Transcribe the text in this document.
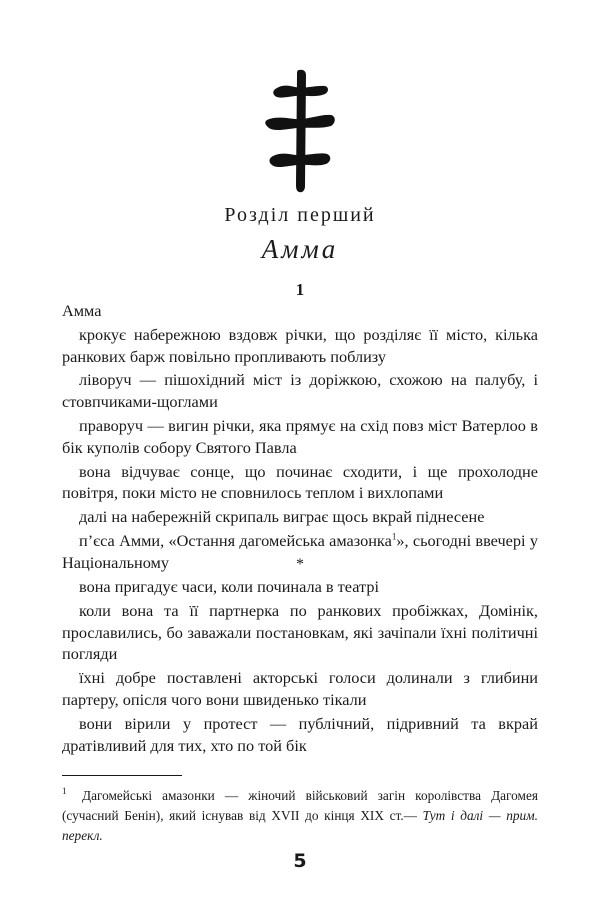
Розділ перший
Амма
1

Амма

крокує набережною вздовж річки, що розділяє її місто, кілька ранкових барж повільно пропливають поблизу

ліворуч — пішохідний міст із доріжкою, схожою на палубу, і стовпчиками-щоглами

праворуч — вигин річки, яка прямує на схід повз міст Ватерлоо в бік куполів собору Святого Павла

вона відчуває сонце, що починає сходити, і ще прохолодне повітря, поки місто не сповнилось теплом і вихлопами

далі на набережній скрипаль виграє щось вкрай піднесене

п’єса Амми, «Остання дагомейська амазонка$^1$», сьогодні ввечері у Національному	*

вона пригадує часи, коли починала в театрі

коли вона та її партнерка по ранкових пробіжках, Домінік, прославились, бо заважали постановкам, які зачіпали їхні політичні погляди

їхні добре поставлені акторські голоси долинали з глибини партеру, опісля чого вони швиденько тікали

вони вірили у протест — публічний, підривний та вкрай дратівливий для тих, хто по той бік

1 Дагомейські амазонки — жіночий військовий загін королівства Дагомея (сучасний Бенін), який існував від XVII до кінця XIX ст.— Тут і далі — прим. перекл.
5
